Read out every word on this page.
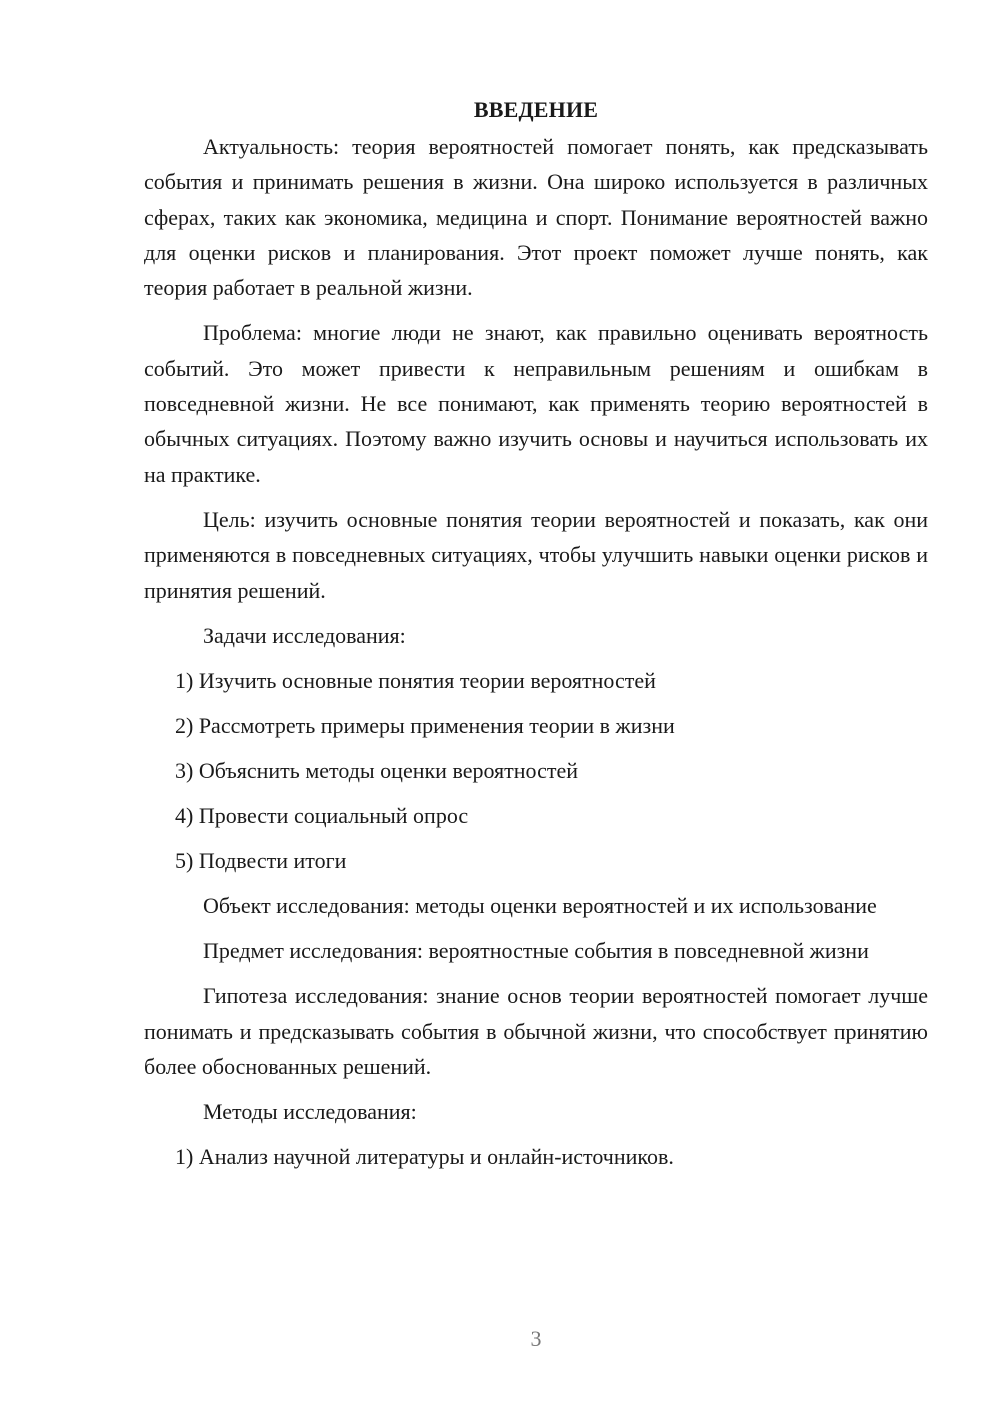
ВВЕДЕНИЕ

Актуальность: теория вероятностей помогает понять, как предсказывать события и принимать решения в жизни. Она широко используется в различных сферах, таких как экономика, медицина и спорт. Понимание вероятностей важно для оценки рисков и планирования. Этот проект поможет лучше понять, как теория работает в реальной жизни.

Проблема: многие люди не знают, как правильно оценивать вероятность событий. Это может привести к неправильным решениям и ошибкам в повседневной жизни. Не все понимают, как применять теорию вероятностей в обычных ситуациях. Поэтому важно изучить основы и научиться использовать их на практике.

Цель: изучить основные понятия теории вероятностей и показать, как они применяются в повседневных ситуациях, чтобы улучшить навыки оценки рисков и принятия решений.

Задачи исследования:

1) Изучить основные понятия теории вероятностей

2) Рассмотреть примеры применения теории в жизни

3) Объяснить методы оценки вероятностей

4) Провести социальный опрос

5) Подвести итоги

Объект исследования: методы оценки вероятностей и их использование

Предмет исследования: вероятностные события в повседневной жизни

Гипотеза исследования: знание основ теории вероятностей помогает лучше понимать и предсказывать события в обычной жизни, что способствует принятию более обоснованных решений.

Методы исследования:

1) Анализ научной литературы и онлайн-источников.

3
